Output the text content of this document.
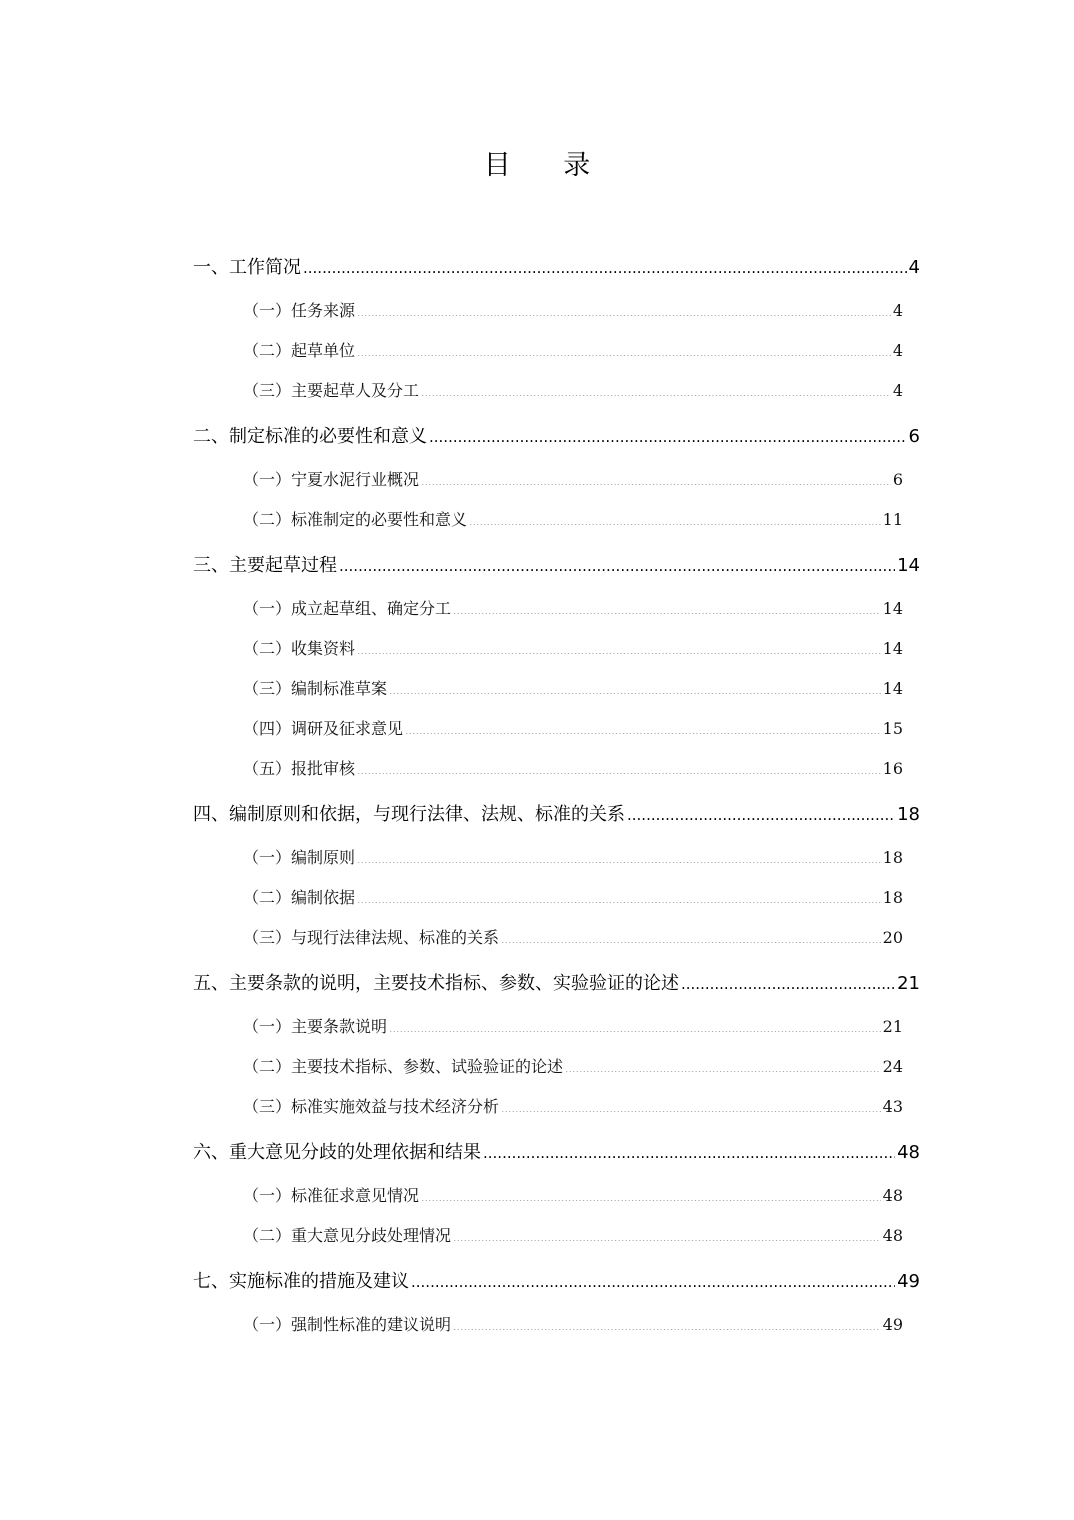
目 录
一、工作简况 .....	4
（一）任务来源 .....	4
（二）起草单位 .....	4
（三）主要起草人及分工 .....	4
二、制定标准的必要性和意义 .....	6
（一）宁夏水泥行业概况 .....	6
（二）标准制定的必要性和意义 .....	11
三、主要起草过程 .....	14
（一）成立起草组、确定分工 .....	14
（二）收集资料 .....	14
（三）编制标准草案 .....	14
（四）调研及征求意见 .....	15
（五）报批审核 .....	16
四、编制原则和依据，与现行法律、法规、标准的关系 .....	18
（一）编制原则 .....	18
（二）编制依据 .....	18
（三）与现行法律法规、标准的关系 .....	20
五、主要条款的说明，主要技术指标、参数、实验验证的论述 .....	21
（一）主要条款说明 .....	21
（二）主要技术指标、参数、试验验证的论述 .....	24
（三）标准实施效益与技术经济分析 .....	43
六、重大意见分歧的处理依据和结果 .....	48
（一）标准征求意见情况 .....	48
（二）重大意见分歧处理情况 .....	48
七、实施标准的措施及建议 .....	49
（一）强制性标准的建议说明 .....	49
